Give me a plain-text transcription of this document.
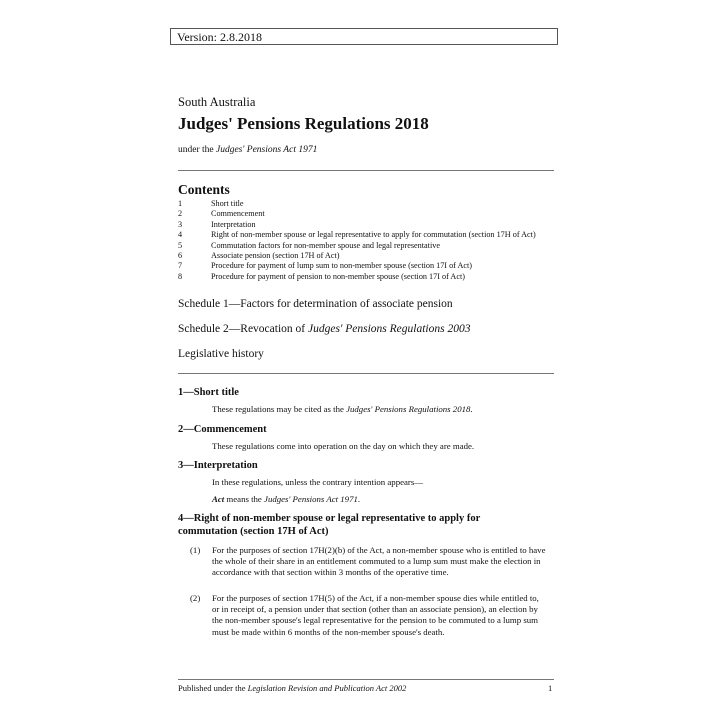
Version: 2.8.2018
South Australia
Judges' Pensions Regulations 2018
under the Judges' Pensions Act 1971
Contents
1	Short title
2	Commencement
3	Interpretation
4	Right of non-member spouse or legal representative to apply for commutation (section 17H of Act)
5	Commutation factors for non-member spouse and legal representative
6	Associate pension (section 17H of Act)
7	Procedure for payment of lump sum to non-member spouse (section 17I of Act)
8	Procedure for payment of pension to non-member spouse (section 17I of Act)
Schedule 1—Factors for determination of associate pension
Schedule 2—Revocation of Judges' Pensions Regulations 2003
Legislative history
1—Short title
These regulations may be cited as the Judges' Pensions Regulations 2018.
2—Commencement
These regulations come into operation on the day on which they are made.
3—Interpretation
In these regulations, unless the contrary intention appears—
Act means the Judges' Pensions Act 1971.
4—Right of non-member spouse or legal representative to apply for commutation (section 17H of Act)
(1)	For the purposes of section 17H(2)(b) of the Act, a non-member spouse who is entitled to have the whole of their share in an entitlement commuted to a lump sum must make the election in accordance with that section within 3 months of the operative time.
(2)	For the purposes of section 17H(5) of the Act, if a non-member spouse dies while entitled to, or in receipt of, a pension under that section (other than an associate pension), an election by the non-member spouse's legal representative for the pension to be commuted to a lump sum must be made within 6 months of the non-member spouse's death.
Published under the Legislation Revision and Publication Act 2002	1
